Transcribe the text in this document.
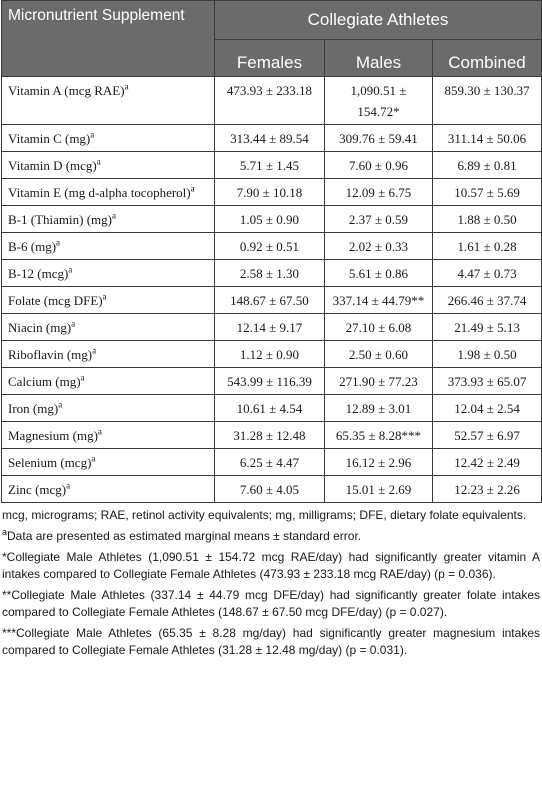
Micronutrient Supplement	Collegiate Athletes		
	Females	Males	Combined
Vitamin A (mcg RAE)$^a$	473.93 ± 233.18	1,090.51 ± 154.72*	859.30 ± 130.37
Vitamin C (mg)$^a$	313.44 ± 89.54	309.76 ± 59.41	311.14 ± 50.06
Vitamin D (mcg)$^a$	5.71 ± 1.45	7.60 ± 0.96	6.89 ± 0.81
Vitamin E (mg d-alpha tocopherol)$^a$	7.90 ± 10.18	12.09 ± 6.75	10.57 ± 5.69
B-1 (Thiamin) (mg)$^a$	1.05 ± 0.90	2.37 ± 0.59	1.88 ± 0.50
B-6 (mg)$^a$	0.92 ± 0.51	2.02 ± 0.33	1.61 ± 0.28
B-12 (mcg)$^a$	2.58 ± 1.30	5.61 ± 0.86	4.47 ± 0.73
Folate (mcg DFE)$^a$	148.67 ± 67.50	337.14 ± 44.79**	266.46 ± 37.74
Niacin (mg)$^a$	12.14 ± 9.17	27.10 ± 6.08	21.49 ± 5.13
Riboflavin (mg)$^a$	1.12 ± 0.90	2.50 ± 0.60	1.98 ± 0.50
Calcium (mg)$^a$	543.99 ± 116.39	271.90 ± 77.23	373.93 ± 65.07
Iron (mg)$^a$	10.61 ± 4.54	12.89 ± 3.01	12.04 ± 2.54
Magnesium (mg)$^a$	31.28 ± 12.48	65.35 ± 8.28***	52.57 ± 6.97
Selenium (mcg)$^a$	6.25 ± 4.47	16.12 ± 2.96	12.42 ± 2.49
Zinc (mcg)$^a$	7.60 ± 4.05	15.01 ± 2.69	12.23 ± 2.26

mcg, micrograms; RAE, retinol activity equivalents; mg, milligrams; DFE, dietary folate equivalents.

$^a$Data are presented as estimated marginal means ± standard error.

*Collegiate Male Athletes (1,090.51 ± 154.72 mcg RAE/day) had significantly greater vitamin A intakes compared to Collegiate Female Athletes (473.93 ± 233.18 mcg RAE/day) (p = 0.036).

**Collegiate Male Athletes (337.14 ± 44.79 mcg DFE/day) had significantly greater folate intakes compared to Collegiate Female Athletes (148.67 ± 67.50 mcg DFE/day) (p = 0.027).

***Collegiate Male Athletes (65.35 ± 8.28 mg/day) had significantly greater magnesium intakes compared to Collegiate Female Athletes (31.28 ± 12.48 mg/day) (p = 0.031).
